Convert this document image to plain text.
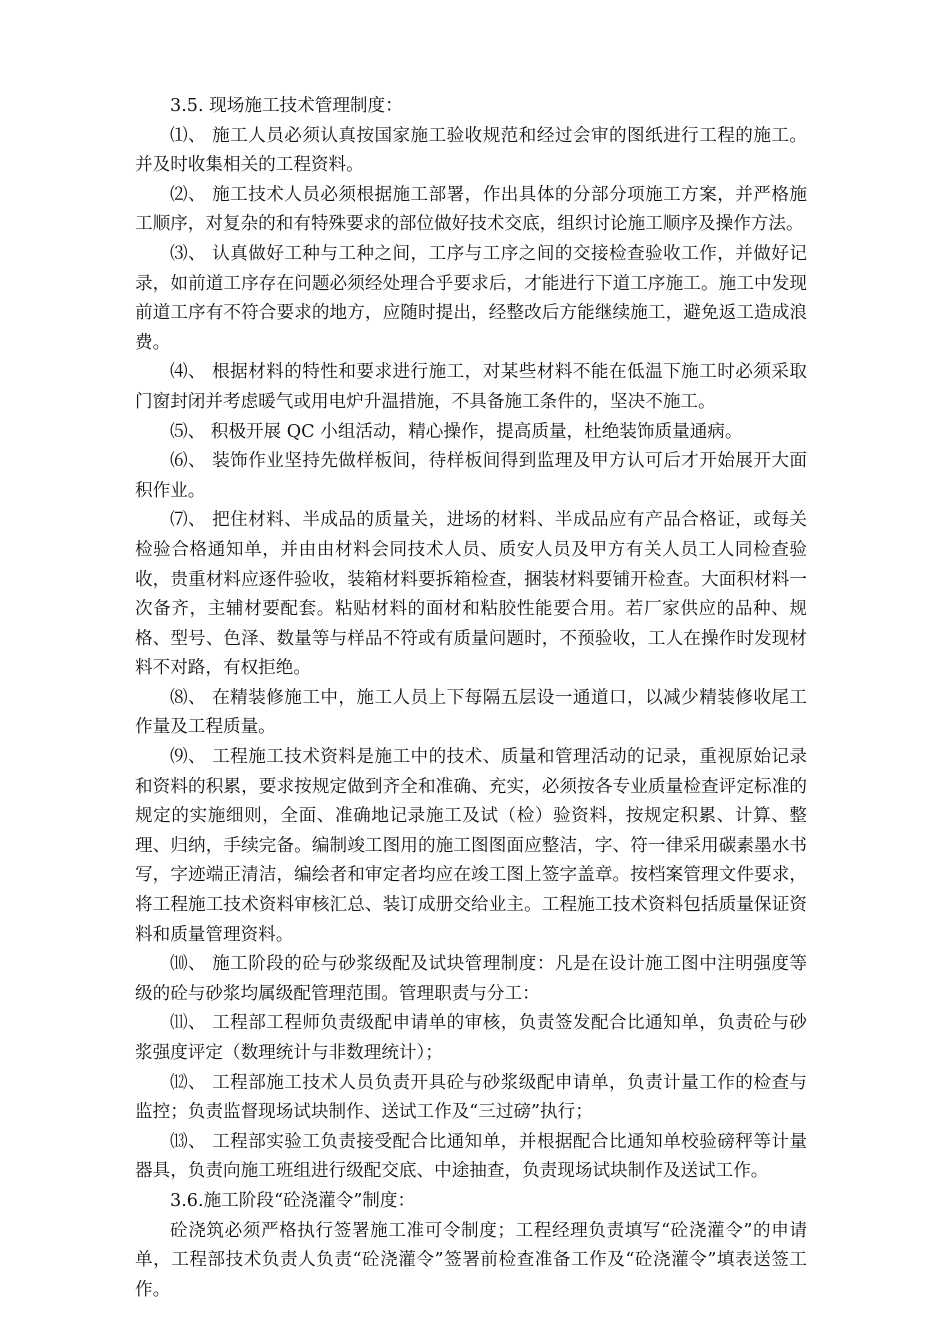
3.5. 现场施工技术管理制度：

⑴、 施工人员必须认真按国家施工验收规范和经过会审的图纸进行工程的施工。并及时收集相关的工程资料。

⑵、 施工技术人员必须根据施工部署，作出具体的分部分项施工方案，并严格施工顺序，对复杂的和有特殊要求的部位做好技术交底，组织讨论施工顺序及操作方法。

⑶、 认真做好工种与工种之间，工序与工序之间的交接检查验收工作，并做好记录，如前道工序存在问题必须经处理合乎要求后，才能进行下道工序施工。施工中发现前道工序有不符合要求的地方，应随时提出，经整改后方能继续施工，避免返工造成浪费。

⑷、 根据材料的特性和要求进行施工，对某些材料不能在低温下施工时必须采取门窗封闭并考虑暖气或用电炉升温措施，不具备施工条件的，坚决不施工。

⑸、 积极开展 QC 小组活动，精心操作，提高质量，杜绝装饰质量通病。

⑹、 装饰作业坚持先做样板间，待样板间得到监理及甲方认可后才开始展开大面积作业。

⑺、 把住材料、半成品的质量关，进场的材料、半成品应有产品合格证，或每关检验合格通知单，并由由材料会同技术人员、质安人员及甲方有关人员工人同检查验收，贵重材料应逐件验收，装箱材料要拆箱检查，捆装材料要铺开检查。大面积材料一次备齐，主辅材要配套。粘贴材料的面材和粘胶性能要合用。若厂家供应的品种、规格、型号、色泽、数量等与样品不符或有质量问题时，不预验收，工人在操作时发现材料不对路，有权拒绝。

⑻、 在精装修施工中，施工人员上下每隔五层设一通道口，以减少精装修收尾工作量及工程质量。

⑼、 工程施工技术资料是施工中的技术、质量和管理活动的记录，重视原始记录和资料的积累，要求按规定做到齐全和准确、充实，必须按各专业质量检查评定标准的规定的实施细则，全面、准确地记录施工及试（检）验资料，按规定积累、计算、整理、归纳，手续完备。编制竣工图用的施工图图面应整洁，字、符一律采用碳素墨水书写，字迹端正清洁，编绘者和审定者均应在竣工图上签字盖章。按档案管理文件要求，将工程施工技术资料审核汇总、装订成册交给业主。工程施工技术资料包括质量保证资料和质量管理资料。

⑽、 施工阶段的砼与砂浆级配及试块管理制度：凡是在设计施工图中注明强度等级的砼与砂浆均属级配管理范围。管理职责与分工：

⑾、 工程部工程师负责级配申请单的审核，负责签发配合比通知单，负责砼与砂浆强度评定（数理统计与非数理统计）；

⑿、 工程部施工技术人员负责开具砼与砂浆级配申请单，负责计量工作的检查与监控；负责监督现场试块制作、送试工作及“三过磅”执行；

⒀、 工程部实验工负责接受配合比通知单，并根据配合比通知单校验磅秤等计量器具，负责向施工班组进行级配交底、中途抽查，负责现场试块制作及送试工作。

3.6.施工阶段“砼浇灌令”制度：

砼浇筑必须严格执行签署施工准可令制度；工程经理负责填写“砼浇灌令”的申请单，工程部技术负责人负责“砼浇灌令”签署前检查准备工作及“砼浇灌令”填表送签工作。
